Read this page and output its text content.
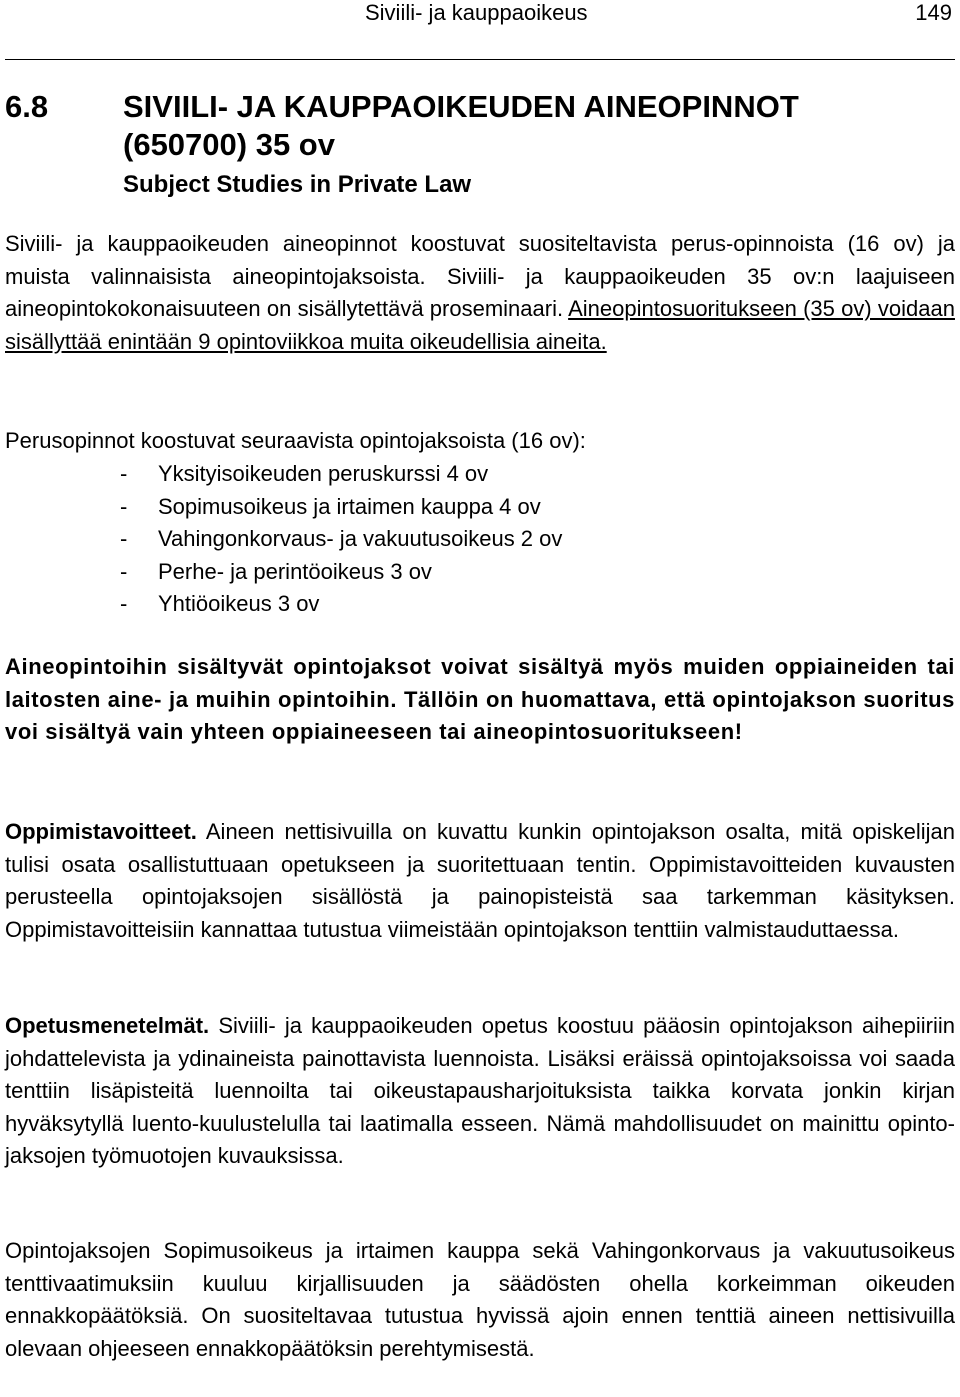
Siviili- ja kauppaoikeus	149
6.8 SIVIILI- JA KAUPPAOIKEUDEN AINEOPINNOT
(650700) 35 ov
Subject Studies in Private Law

Siviili- ja kauppaoikeuden aineopinnot koostuvat suositeltavista perus-opinnoista (16 ov) ja muista valinnaisista aineopintojaksoista. Siviili- ja kauppaoikeuden 35 ov:n laajuiseen aineopintokokonaisuuteen on sisällytettävä proseminaari. Aineopintosuoritukseen (35 ov) voidaan sisällyttää enintään 9 opintoviikkoa muita oikeudellisia aineita.

Perusopinnot koostuvat seuraavista opintojaksoista (16 ov):

- Yksityisoikeuden peruskurssi 4 ov
- Sopimusoikeus ja irtaimen kauppa 4 ov
- Vahingonkorvaus- ja vakuutusoikeus 2 ov
- Perhe- ja perintöoikeus 3 ov
- Yhtiöoikeus 3 ov

Aineopintoihin sisältyvät opintojaksot voivat sisältyä myös muiden oppiaineiden tai laitosten aine- ja muihin opintoihin. Tällöin on huomattava, että opintojakson suoritus voi sisältyä vain yhteen oppiaineeseen tai aineopintosuoritukseen!

Oppimistavoitteet. Aineen nettisivuilla on kuvattu kunkin opintojakson osalta, mitä opiskelijan tulisi osata osallistuttuaan opetukseen ja suoritettuaan tentin. Oppimistavoitteiden kuvausten perusteella opintojaksojen sisällöstä ja painopisteistä saa tarkemman käsityksen. Oppimistavoitteisiin kannattaa tutustua viimeistään opintojakson tenttiin valmistauduttaessa.

Opetusmenetelmät. Siviili- ja kauppaoikeuden opetus koostuu pääosin opintojakson aihepiiriin johdattelevista ja ydinaineista painottavista luennoista. Lisäksi eräissä opintojaksoissa voi saada tenttiin lisäpisteitä luennoilta tai oikeustapausharjoituksista taikka korvata jonkin kirjan hyväksytyllä luento-kuulustelulla tai laatimalla esseen. Nämä mahdollisuudet on mainittu opinto-jaksojen työmuotojen kuvauksissa.

Opintojaksojen Sopimusoikeus ja irtaimen kauppa sekä Vahingonkorvaus ja vakuutusoikeus tenttivaatimuksiin kuuluu kirjallisuuden ja säädösten ohella korkeimman oikeuden ennakkopäätöksiä. On suositeltavaa tutustua hyvissä ajoin ennen tenttiä aineen nettisivuilla olevaan ohjeeseen ennakkopäätöksin perehtymisestä.
